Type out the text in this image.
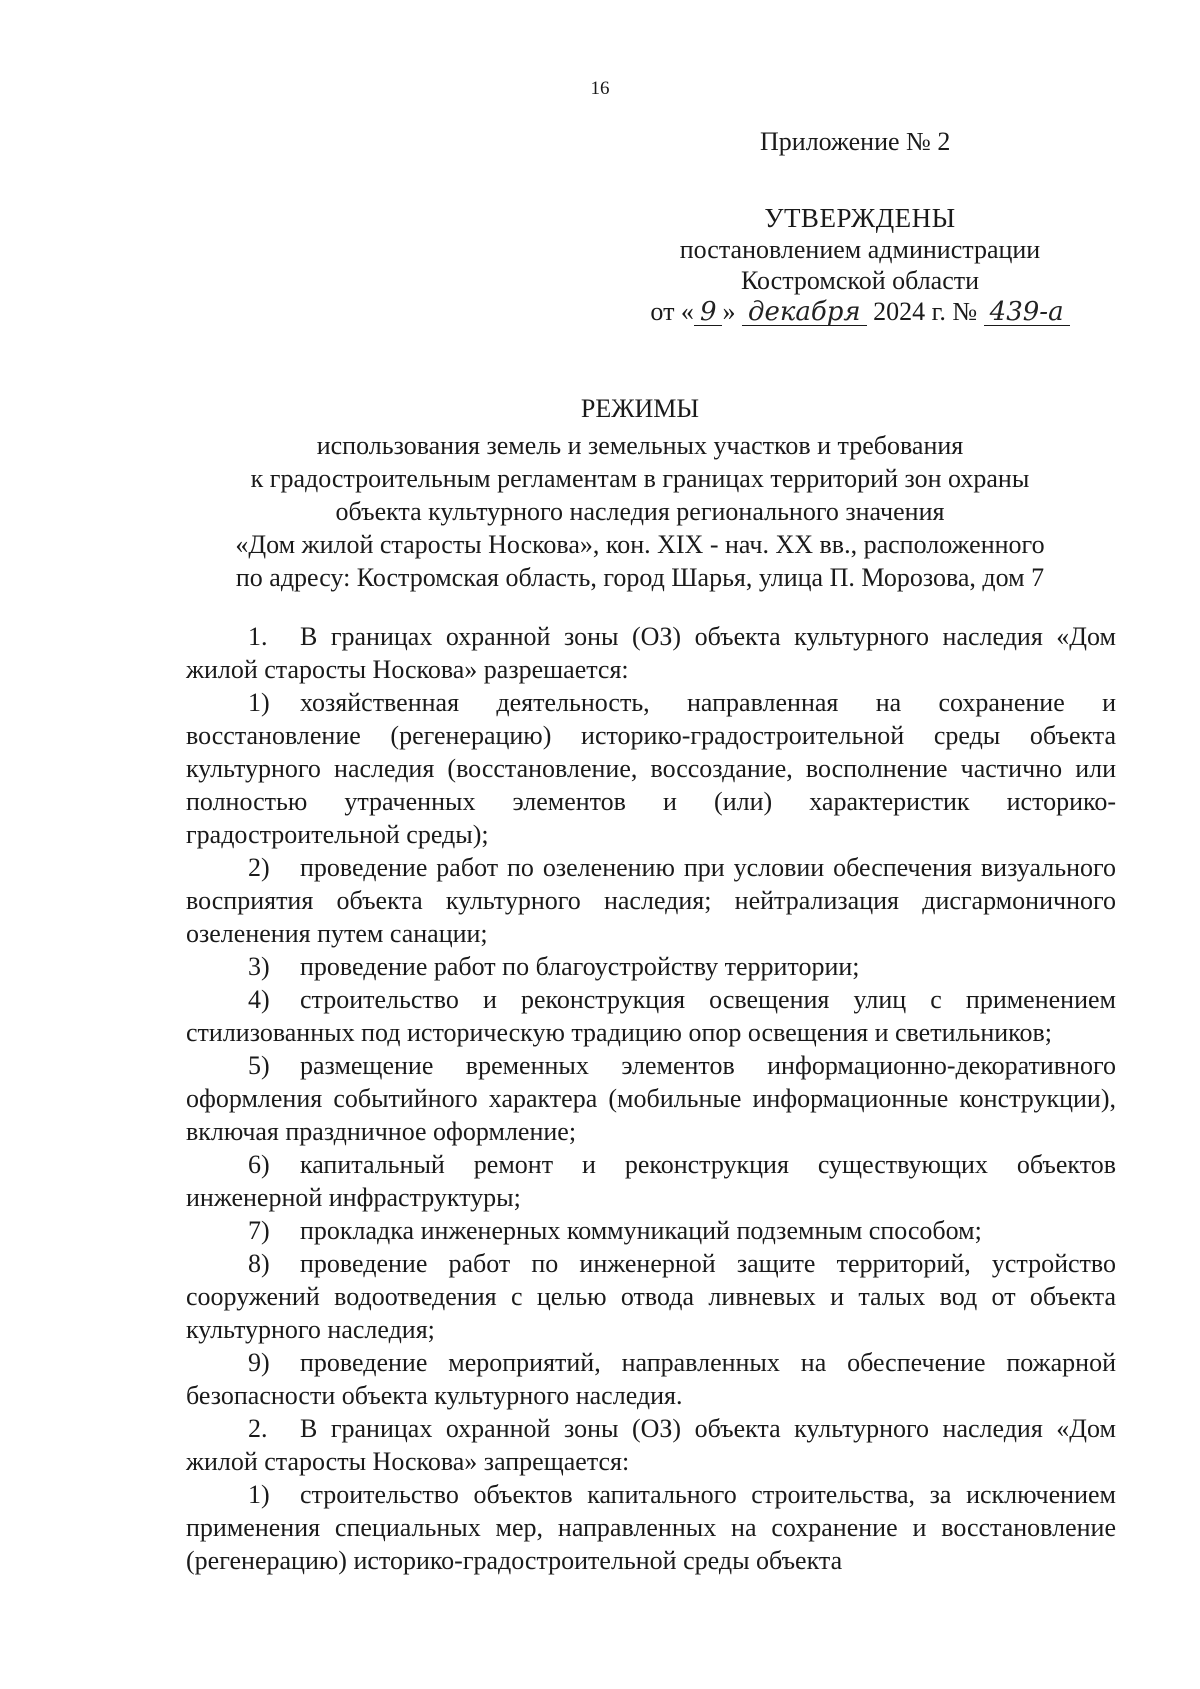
16
Приложение № 2
УТВЕРЖДЕНЫ
постановлением администрации
Костромской области
от « 9 » декабря 2024 г. № 439-а
РЕЖИМЫ
использования земель и земельных участков и требования
к градостроительным регламентам в границах территорий зон охраны
объекта культурного наследия регионального значения
«Дом жилой старосты Носкова», кон. XIX - нач. XX вв., расположенного
по адресу: Костромская область, город Шарья, улица П. Морозова, дом 7

1. В границах охранной зоны (ОЗ) объекта культурного наследия «Дом жилой старосты Носкова» разрешается:

1) хозяйственная деятельность, направленная на сохранение и восстановление (регенерацию) историко-градостроительной среды объекта культурного наследия (восстановление, воссоздание, восполнение частично или полностью утраченных элементов и (или) характеристик историко-градостроительной среды);

2) проведение работ по озеленению при условии обеспечения визуального восприятия объекта культурного наследия; нейтрализация дисгармоничного озеленения путем санации;

3) проведение работ по благоустройству территории;

4) строительство и реконструкция освещения улиц с применением стилизованных под историческую традицию опор освещения и светильников;

5) размещение временных элементов информационно-декоративного оформления событийного характера (мобильные информационные конструкции), включая праздничное оформление;

6) капитальный ремонт и реконструкция существующих объектов инженерной инфраструктуры;

7) прокладка инженерных коммуникаций подземным способом;

8) проведение работ по инженерной защите территорий, устройство сооружений водоотведения с целью отвода ливневых и талых вод от объекта культурного наследия;

9) проведение мероприятий, направленных на обеспечение пожарной безопасности объекта культурного наследия.

2. В границах охранной зоны (ОЗ) объекта культурного наследия «Дом жилой старосты Носкова» запрещается:

1) строительство объектов капитального строительства, за исключением применения специальных мер, направленных на сохранение и восстановление (регенерацию) историко-градостроительной среды объекта
